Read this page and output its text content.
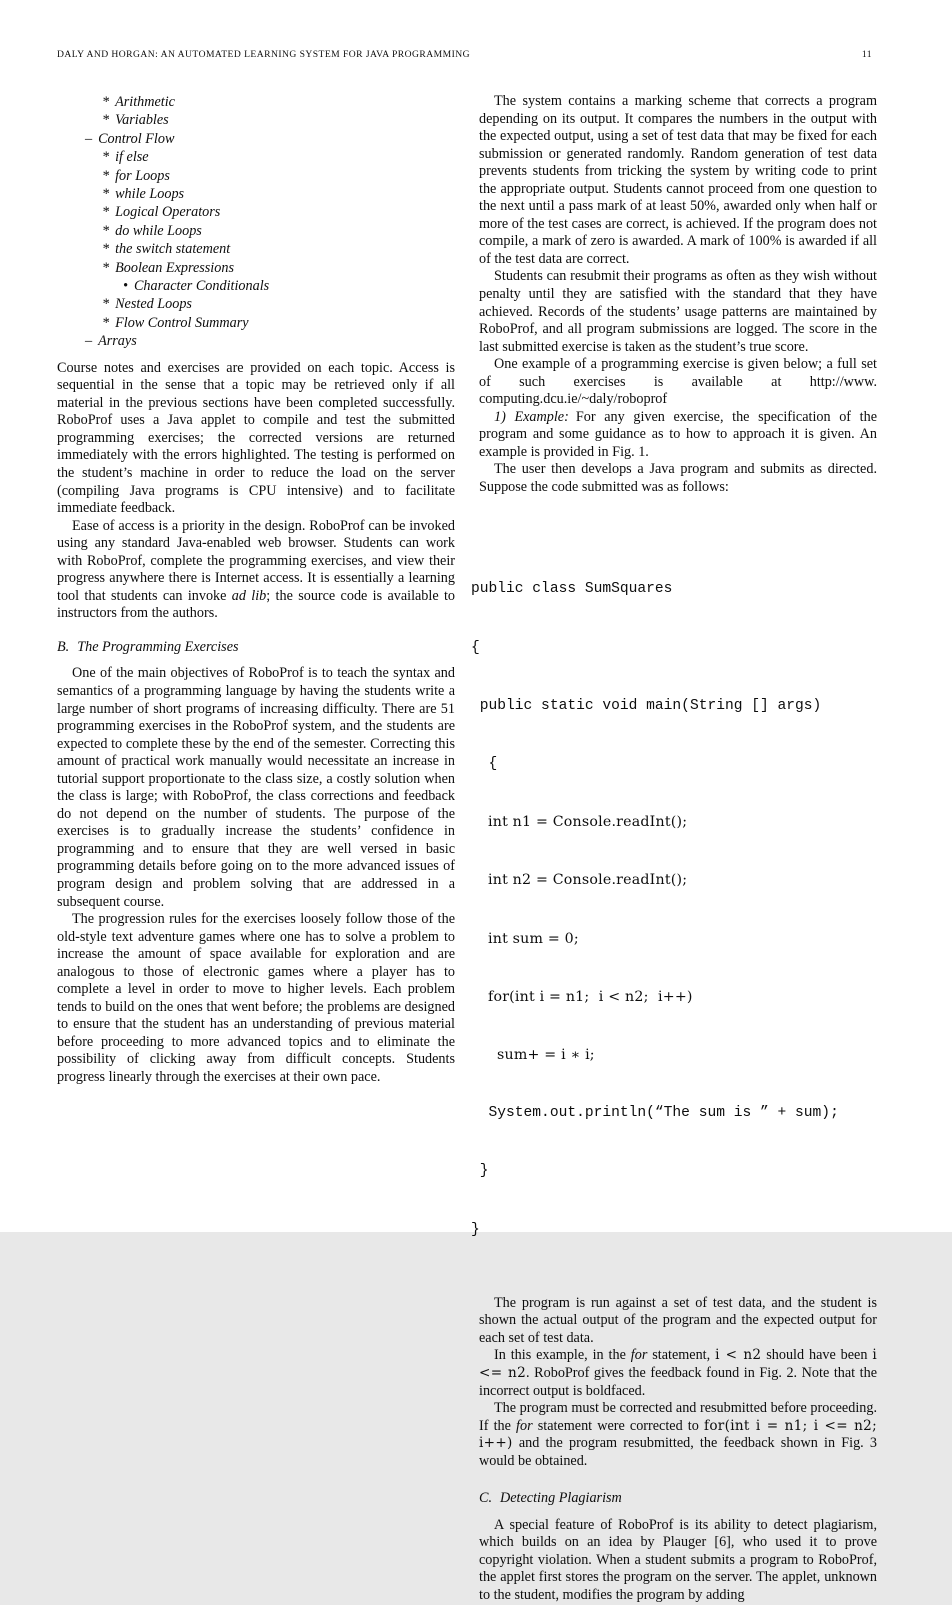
DALY AND HORGAN: AN AUTOMATED LEARNING SYSTEM FOR JAVA PROGRAMMING	11
* Arithmetic
* Variables
– Control Flow
* if else
* for Loops
* while Loops
* Logical Operators
* do while Loops
* the switch statement
* Boolean Expressions
• Character Conditionals
* Nested Loops
* Flow Control Summary
– Arrays

Course notes and exercises are provided on each topic. Access is sequential in the sense that a topic may be retrieved only if all material in the previous sections have been completed successfully. RoboProf uses a Java applet to compile and test the submitted programming exercises; the corrected versions are returned immediately with the errors highlighted. The testing is performed on the student’s machine in order to reduce the load on the server (compiling Java programs is CPU intensive) and to facilitate immediate feedback.

Ease of access is a priority in the design. RoboProf can be invoked using any standard Java-enabled web browser. Students can work with RoboProf, complete the programming exercises, and view their progress anywhere there is Internet access. It is essentially a learning tool that students can invoke ad lib; the source code is available to instructors from the authors.

B. The Programming Exercises

One of the main objectives of RoboProf is to teach the syntax and semantics of a programming language by having the students write a large number of short programs of increasing difficulty. There are 51 programming exercises in the RoboProf system, and the students are expected to complete these by the end of the semester. Correcting this amount of practical work manually would necessitate an increase in tutorial support proportionate to the class size, a costly solution when the class is large; with RoboProf, the class corrections and feedback do not depend on the number of students. The purpose of the exercises is to gradually increase the students’ confidence in programming and to ensure that they are well versed in basic programming details before going on to the more advanced issues of program design and problem solving that are addressed in a subsequent course.

The progression rules for the exercises loosely follow those of the old-style text adventure games where one has to solve a problem to increase the amount of space available for exploration and are analogous to those of electronic games where a player has to complete a level in order to move to higher levels. Each problem tends to build on the ones that went before; the problems are designed to ensure that the student has an understanding of previous material before proceeding to more advanced topics and to eliminate the possibility of clicking away from difficult concepts. Students progress linearly through the exercises at their own pace.

The system contains a marking scheme that corrects a program depending on its output. It compares the numbers in the output with the expected output, using a set of test data that may be fixed for each submission or generated randomly. Random generation of test data prevents students from tricking the system by writing code to print the appropriate output. Students cannot proceed from one question to the next until a pass mark of at least 50%, awarded only when half or more of the test cases are correct, is achieved. If the program does not compile, a mark of zero is awarded. A mark of 100% is awarded if all of the test data are correct.

Students can resubmit their programs as often as they wish without penalty until they are satisfied with the standard that they have achieved. Records of the students’ usage patterns are maintained by RoboProf, and all program submissions are logged. The score in the last submitted exercise is taken as the student’s true score.

One example of a programming exercise is given below; a full set of such exercises is available at http://www.computing.dcu.ie/~daly/roboprof

1) Example: For any given exercise, the specification of the program and some guidance as to how to approach it is given. An example is provided in Fig. 1.

The user then develops a Java program and submits as directed. Suppose the code submitted was as follows:

public class SumSquares

{

public static void main(String [] args)

{

int n1 = Console.readInt();

int n2 = Console.readInt();

int sum = 0;

for(int i = n1;  i < n2;  i++)

sum+ = i ∗ i;

System.out.println(“The sum is ” + sum);

}

}

The program is run against a set of test data, and the student is shown the actual output of the program and the expected output for each set of test data.

In this example, in the for statement, i < n2 should have been i <= n2. RoboProf gives the feedback found in Fig. 2. Note that the incorrect output is boldfaced.

The program must be corrected and resubmitted before proceeding. If the for statement were corrected to for(int i = n1; i <= n2; i++) and the program resubmitted, the feedback shown in Fig. 3 would be obtained.

C. Detecting Plagiarism

A special feature of RoboProf is its ability to detect plagiarism, which builds on an idea by Plauger [6], who used it to prove copyright violation. When a student submits a program to RoboProf, the applet first stores the program on the server. The applet, unknown to the student, modifies the program by adding
